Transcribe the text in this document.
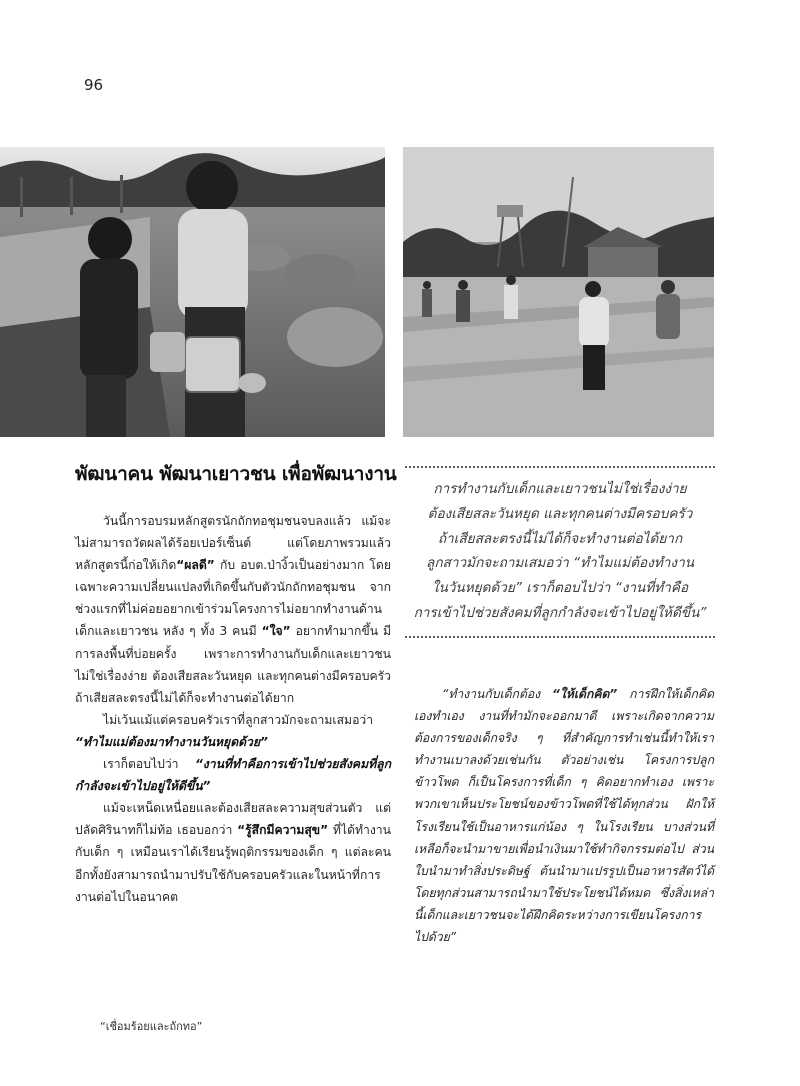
96
พัฒนาคน พัฒนาเยาวชน เพื่อพัฒนางาน

วันนี้การอบรมหลักสูตรนักถักทอชุมชนจบลงแล้ว แม้จะไม่สามารถวัดผลได้ร้อยเปอร์เซ็นต์ แต่โดยภาพรวมแล้วหลักสูตรนี้ก่อให้เกิด“ผลดี” กับ อบต.ป่างิ้วเป็นอย่างมาก โดยเฉพาะความเปลี่ยนแปลงที่เกิดขึ้นกับตัวนักถักทอชุมชน จากช่วงแรกที่ไม่ค่อยอยากเข้าร่วมโครงการไม่อยากทำงานด้านเด็กและเยาวชน หลัง ๆ ทั้ง 3 คนมี “ใจ” อยากทำมากขึ้น มีการลงพื้นที่บ่อยครั้ง เพราะการทำงานกับเด็กและเยาวชนไม่ใช่เรื่องง่าย ต้องเสียสละวันหยุด และทุกคนต่างมีครอบครัว ถ้าเสียสละตรงนี้ไม่ได้ก็จะทำงานต่อได้ยาก

ไม่เว้นแม้แต่ครอบครัวเราที่ลูกสาวมักจะถามเสมอว่า “ทำไมแม่ต้องมาทำงานวันหยุดด้วย”

เราก็ตอบไปว่า “งานที่ทำคือการเข้าไปช่วยสังคมที่ลูกกำลังจะเข้าไปอยู่ให้ดีขึ้น”

แม้จะเหน็ดเหนื่อยและต้องเสียสละความสุขส่วนตัว แต่ปลัดศิรินาทก็ไม่ท้อ เธอบอกว่า “รู้สึกมีความสุข” ที่ได้ทำงานกับเด็ก ๆ เหมือนเราได้เรียนรู้พฤติกรรมของเด็ก ๆ แต่ละคน อีกทั้งยังสามารถนำมาปรับใช้กับครอบครัวและในหน้าที่การงานต่อไปในอนาคต

การทำงานกับเด็กและเยาวชนไม่ใช่เรื่องง่าย
ต้องเสียสละวันหยุด และทุกคนต่างมีครอบครัว
ถ้าเสียสละตรงนี้ไม่ได้ก็จะทำงานต่อได้ยาก
ลูกสาวมักจะถามเสมอว่า “ทำไมแม่ต้องทำงาน
ในวันหยุดด้วย” เราก็ตอบไปว่า “งานที่ทำคือ
การเข้าไปช่วยสังคมที่ลูกกำลังจะเข้าไปอยู่ให้ดีขึ้น”

“ทำงานกับเด็กต้อง “ให้เด็กคิด” การฝึกให้เด็กคิดเองทำเอง งานที่ทำมักจะออกมาดี เพราะเกิดจากความต้องการของเด็กจริง ๆ ที่สำคัญการทำเช่นนี้ทำให้เราทำงานเบาลงด้วยเช่นกัน ตัวอย่างเช่น โครงการปลูกข้าวโพด ก็เป็นโครงการที่เด็ก ๆ คิดอยากทำเอง เพราะพวกเขาเห็นประโยชน์ของข้าวโพดที่ใช้ได้ทุกส่วน ฝักให้โรงเรียนใช้เป็นอาหารแก่น้อง ๆ ในโรงเรียน บางส่วนที่เหลือก็จะนำมาขายเพื่อนำเงินมาใช้ทำกิจกรรมต่อไป ส่วนใบนำมาทำสิ่งประดิษฐ์ ต้นนำมาแปรรูปเป็นอาหารสัตว์ได้ โดยทุกส่วนสามารถนำมาใช้ประโยชน์ได้หมด ซึ่งสิ่งเหล่านี้เด็กและเยาวชนจะได้ฝึกคิดระหว่างการเขียนโครงการไปด้วย”

“เชื่อมร้อยและถักทอ”
